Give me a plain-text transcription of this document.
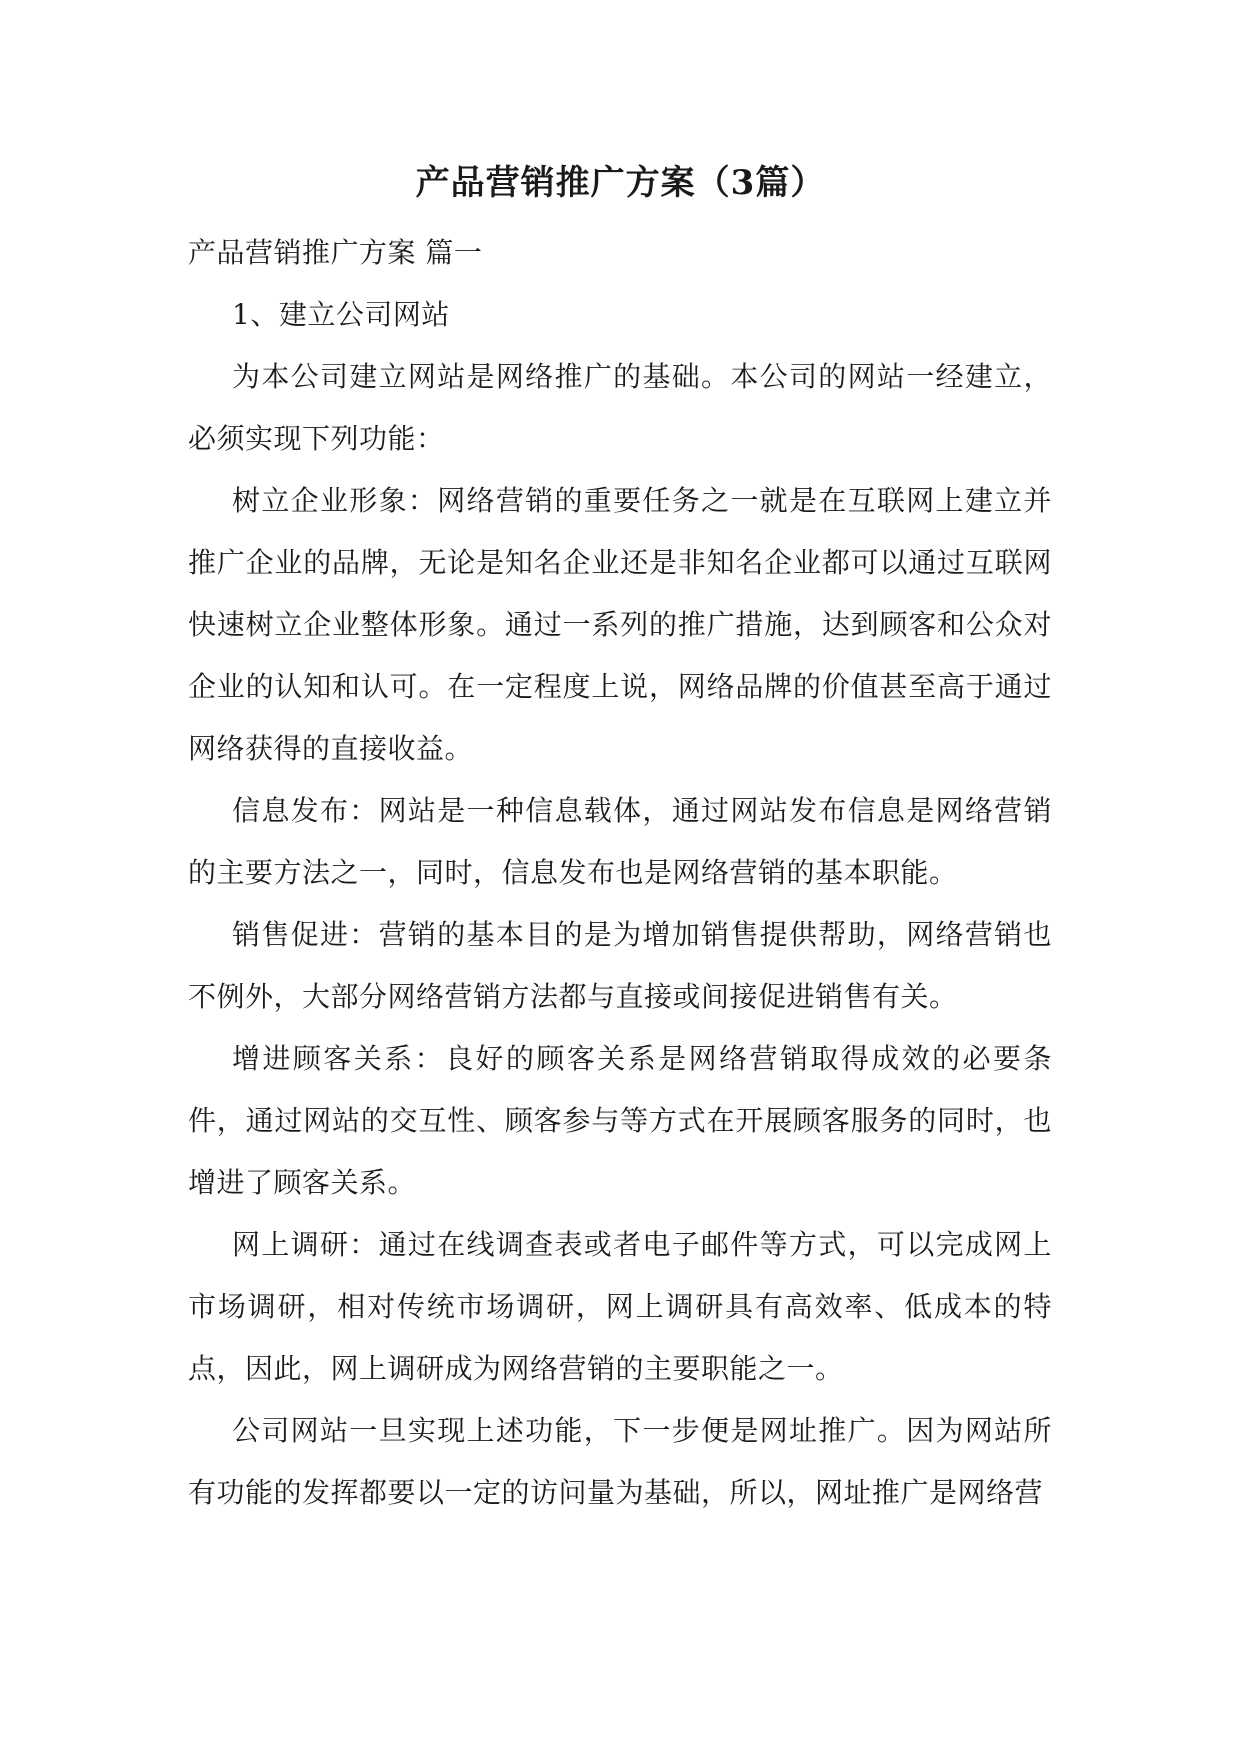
产品营销推广方案（3篇）

产品营销推广方案 篇一

1、建立公司网站

为本公司建立网站是网络推广的基础。本公司的网站一经建立，必须实现下列功能：

树立企业形象：网络营销的重要任务之一就是在互联网上建立并推广企业的品牌，无论是知名企业还是非知名企业都可以通过互联网快速树立企业整体形象。通过一系列的推广措施，达到顾客和公众对企业的认知和认可。在一定程度上说，网络品牌的价值甚至高于通过网络获得的直接收益。

信息发布：网站是一种信息载体，通过网站发布信息是网络营销的主要方法之一，同时，信息发布也是网络营销的基本职能。

销售促进：营销的基本目的是为增加销售提供帮助，网络营销也不例外，大部分网络营销方法都与直接或间接促进销售有关。

增进顾客关系：良好的顾客关系是网络营销取得成效的必要条件，通过网站的交互性、顾客参与等方式在开展顾客服务的同时，也增进了顾客关系。

网上调研：通过在线调查表或者电子邮件等方式，可以完成网上市场调研，相对传统市场调研，网上调研具有高效率、低成本的特点，因此，网上调研成为网络营销的主要职能之一。

公司网站一旦实现上述功能，下一步便是网址推广。因为网站所有功能的发挥都要以一定的访问量为基础，所以，网址推广是网络营
